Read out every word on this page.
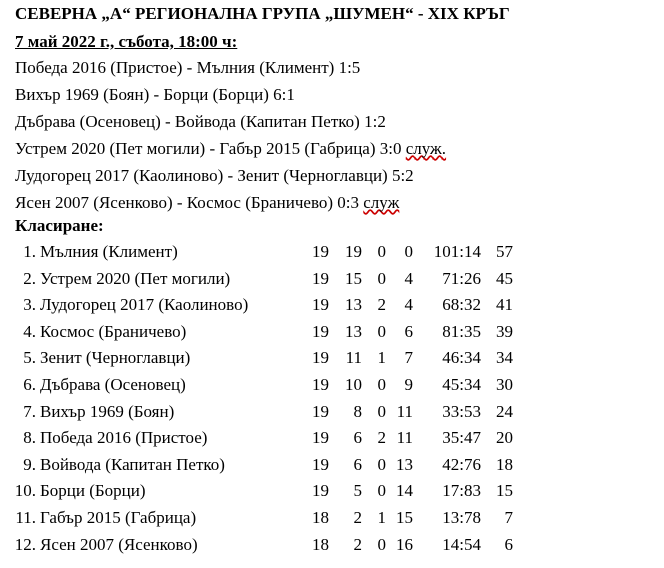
СЕВЕРНА „А“ РЕГИОНАЛНА ГРУПА „ШУМЕН“ - XIX КРЪГ
7 май 2022 г., събота, 18:00 ч:
Победа 2016 (Пристое) - Мълния (Климент) 1:5
Вихър 1969 (Боян) - Борци (Борци) 6:1
Дъбрава (Осеновец) - Войвода (Капитан Петко) 1:2
Устрем 2020 (Пет могили) - Габър 2015 (Габрица) 3:0 служ.
Лудогорец 2017 (Каолиново) - Зенит (Черноглавци) 5:2
Ясен 2007 (Ясенково) - Космос (Браничево) 0:3 служ
Класиране:
1. Мълния (Климент)	19 19 0 0 101:14 57
2. Устрем 2020 (Пет могили)	19 15 0 4 71:26 45
3. Лудогорец 2017 (Каолиново)	19 13 2 4 68:32 41
4. Космос (Браничево)	19 13 0 6 81:35 39
5. Зенит (Черноглавци)	19 11 1 7 46:34 34
6. Дъбрава (Осеновец)	19 10 0 9 45:34 30
7. Вихър 1969 (Боян)	19 8 0 11 33:53 24
8. Победа 2016 (Пристое)	19 6 2 11 35:47 20
9. Войвода (Капитан Петко)	19 6 0 13 42:76 18
10. Борци (Борци)	19 5 0 14 17:83 15
11. Габър 2015 (Габрица)	18 2 1 15 13:78 7
12. Ясен 2007 (Ясенково)	18 2 0 16 14:54 6
